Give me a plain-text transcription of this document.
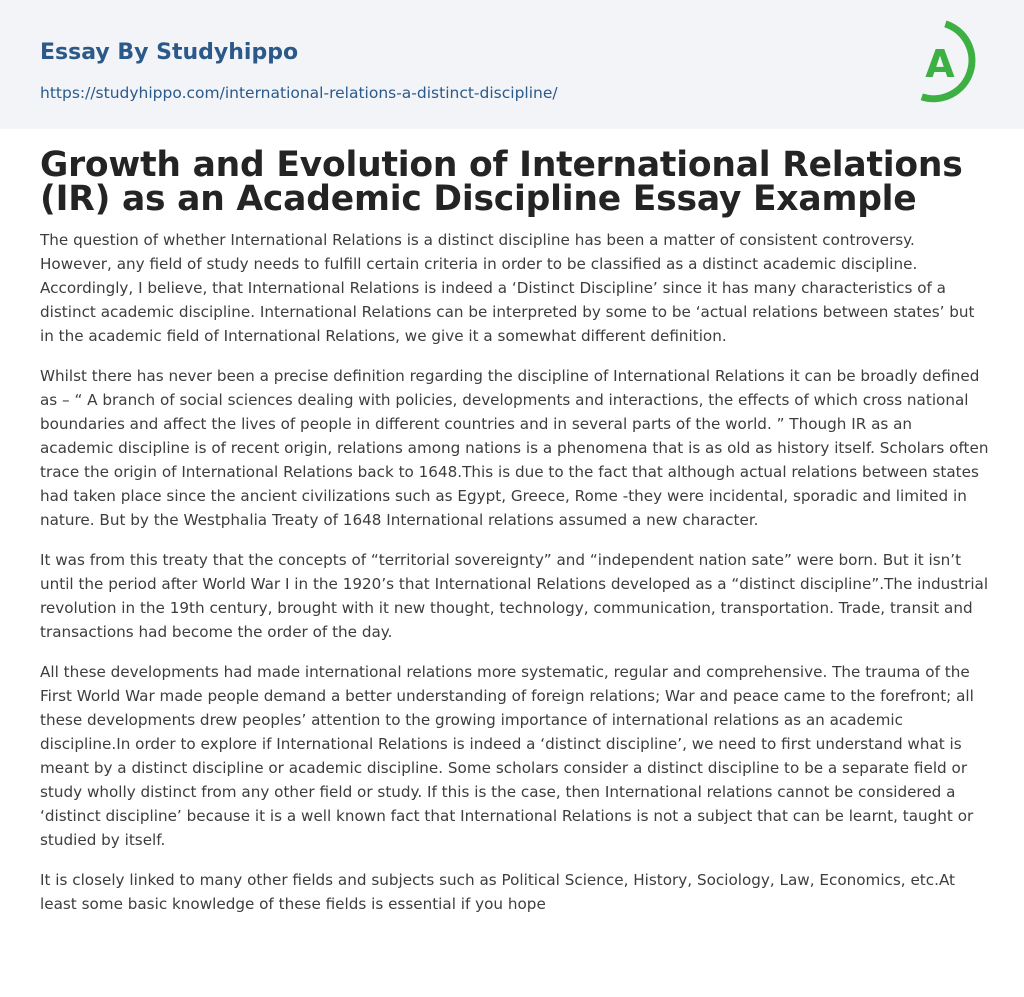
Essay By Studyhippo
https://studyhippo.com/international-relations-a-distinct-discipline/
A
Growth and Evolution of International Relations (IR) as an Academic Discipline Essay Example

The question of whether International Relations is a distinct discipline has been a matter of consistent controversy. However, any field of study needs to fulfill certain criteria in order to be classified as a distinct academic discipline. Accordingly, I believe, that International Relations is indeed a ‘Distinct Discipline’ since it has many characteristics of a distinct academic discipline. International Relations can be interpreted by some to be ‘actual relations between states’ but in the academic field of International Relations, we give it a somewhat different definition.

Whilst there has never been a precise definition regarding the discipline of International Relations it can be broadly defined as – “ A branch of social sciences dealing with policies, developments and interactions, the effects of which cross national boundaries and affect the lives of people in different countries and in several parts of the world. ” Though IR as an academic discipline is of recent origin, relations among nations is a phenomena that is as old as history itself. Scholars often trace the origin of International Relations back to 1648.This is due to the fact that although actual relations between states had taken place since the ancient civilizations such as Egypt, Greece, Rome -they were incidental, sporadic and limited in nature. But by the Westphalia Treaty of 1648 International relations assumed a new character.

It was from this treaty that the concepts of “territorial sovereignty” and “independent nation sate” were born. But it isn’t until the period after World War I in the 1920’s that International Relations developed as a “distinct discipline”.The industrial revolution in the 19th century, brought with it new thought, technology, communication, transportation. Trade, transit and transactions had become the order of the day.

All these developments had made international relations more systematic, regular and comprehensive. The trauma of the First World War made people demand a better understanding of foreign relations; War and peace came to the forefront; all these developments drew peoples’ attention to the growing importance of international relations as an academic discipline.In order to explore if International Relations is indeed a ‘distinct discipline’, we need to first understand what is meant by a distinct discipline or academic discipline. Some scholars consider a distinct discipline to be a separate field or study wholly distinct from any other field or study. If this is the case, then International relations cannot be considered a ‘distinct discipline’ because it is a well known fact that International Relations is not a subject that can be learnt, taught or studied by itself.

It is closely linked to many other fields and subjects such as Political Science, History, Sociology, Law, Economics, etc.At least some basic knowledge of these fields is essential if you hope
